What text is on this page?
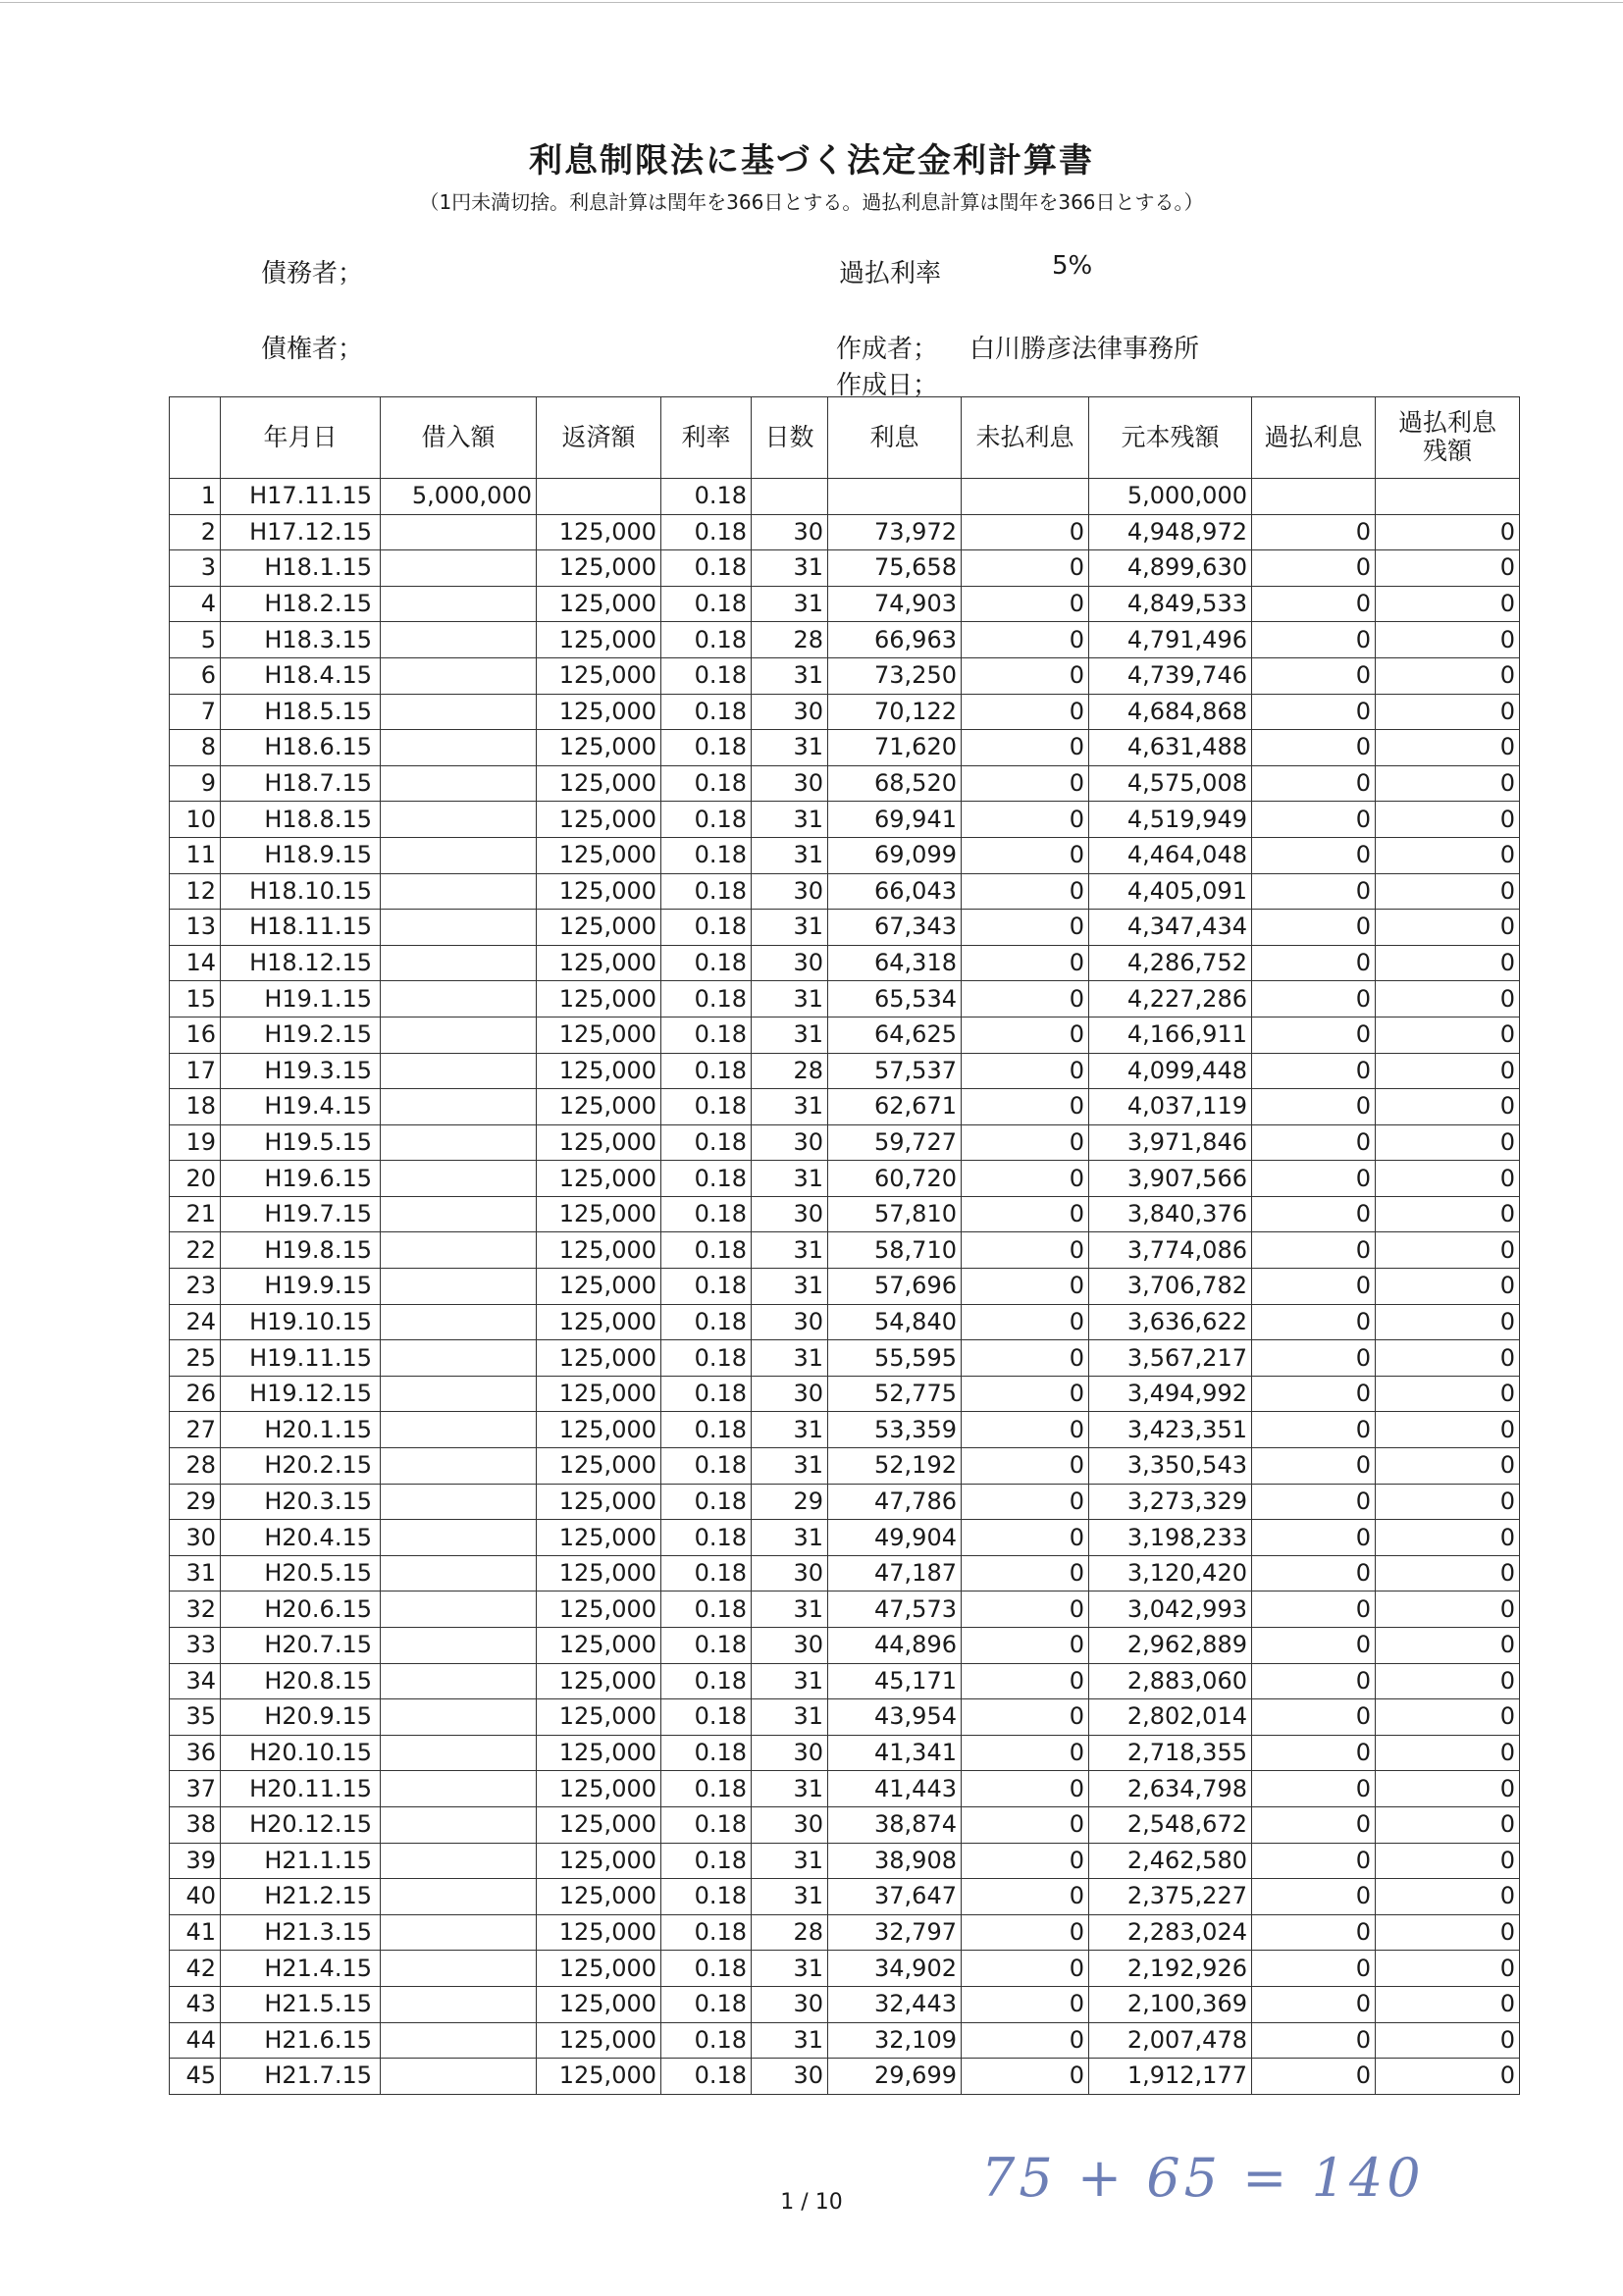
利息制限法に基づく法定金利計算書
（1円未満切捨。利息計算は閏年を366日とする。過払利息計算は閏年を366日とする。）
債務者；
債権者；
過払利率	5%
作成者； 白川勝彦法律事務所
作成日；
	年月日	借入額	返済額	利率	日数	利息	未払利息	元本残額	過払利息	過払利息
残額
1	H17.11.15	5,000,000		0.18				5,000,000		
2	H17.12.15		125,000	0.18	30	73,972	0	4,948,972	0	0
3	H18.1.15		125,000	0.18	31	75,658	0	4,899,630	0	0
4	H18.2.15		125,000	0.18	31	74,903	0	4,849,533	0	0
5	H18.3.15		125,000	0.18	28	66,963	0	4,791,496	0	0
6	H18.4.15		125,000	0.18	31	73,250	0	4,739,746	0	0
7	H18.5.15		125,000	0.18	30	70,122	0	4,684,868	0	0
8	H18.6.15		125,000	0.18	31	71,620	0	4,631,488	0	0
9	H18.7.15		125,000	0.18	30	68,520	0	4,575,008	0	0
10	H18.8.15		125,000	0.18	31	69,941	0	4,519,949	0	0
11	H18.9.15		125,000	0.18	31	69,099	0	4,464,048	0	0
12	H18.10.15		125,000	0.18	30	66,043	0	4,405,091	0	0
13	H18.11.15		125,000	0.18	31	67,343	0	4,347,434	0	0
14	H18.12.15		125,000	0.18	30	64,318	0	4,286,752	0	0
15	H19.1.15		125,000	0.18	31	65,534	0	4,227,286	0	0
16	H19.2.15		125,000	0.18	31	64,625	0	4,166,911	0	0
17	H19.3.15		125,000	0.18	28	57,537	0	4,099,448	0	0
18	H19.4.15		125,000	0.18	31	62,671	0	4,037,119	0	0
19	H19.5.15		125,000	0.18	30	59,727	0	3,971,846	0	0
20	H19.6.15		125,000	0.18	31	60,720	0	3,907,566	0	0
21	H19.7.15		125,000	0.18	30	57,810	0	3,840,376	0	0
22	H19.8.15		125,000	0.18	31	58,710	0	3,774,086	0	0
23	H19.9.15		125,000	0.18	31	57,696	0	3,706,782	0	0
24	H19.10.15		125,000	0.18	30	54,840	0	3,636,622	0	0
25	H19.11.15		125,000	0.18	31	55,595	0	3,567,217	0	0
26	H19.12.15		125,000	0.18	30	52,775	0	3,494,992	0	0
27	H20.1.15		125,000	0.18	31	53,359	0	3,423,351	0	0
28	H20.2.15		125,000	0.18	31	52,192	0	3,350,543	0	0
29	H20.3.15		125,000	0.18	29	47,786	0	3,273,329	0	0
30	H20.4.15		125,000	0.18	31	49,904	0	3,198,233	0	0
31	H20.5.15		125,000	0.18	30	47,187	0	3,120,420	0	0
32	H20.6.15		125,000	0.18	31	47,573	0	3,042,993	0	0
33	H20.7.15		125,000	0.18	30	44,896	0	2,962,889	0	0
34	H20.8.15		125,000	0.18	31	45,171	0	2,883,060	0	0
35	H20.9.15		125,000	0.18	31	43,954	0	2,802,014	0	0
36	H20.10.15		125,000	0.18	30	41,341	0	2,718,355	0	0
37	H20.11.15		125,000	0.18	31	41,443	0	2,634,798	0	0
38	H20.12.15		125,000	0.18	30	38,874	0	2,548,672	0	0
39	H21.1.15		125,000	0.18	31	38,908	0	2,462,580	0	0
40	H21.2.15		125,000	0.18	31	37,647	0	2,375,227	0	0
41	H21.3.15		125,000	0.18	28	32,797	0	2,283,024	0	0
42	H21.4.15		125,000	0.18	31	34,902	0	2,192,926	0	0
43	H21.5.15		125,000	0.18	30	32,443	0	2,100,369	0	0
44	H21.6.15		125,000	0.18	31	32,109	0	2,007,478	0	0
45	H21.7.15		125,000	0.18	30	29,699	0	1,912,177	0	0
75 + 65 = 140
1 / 10
